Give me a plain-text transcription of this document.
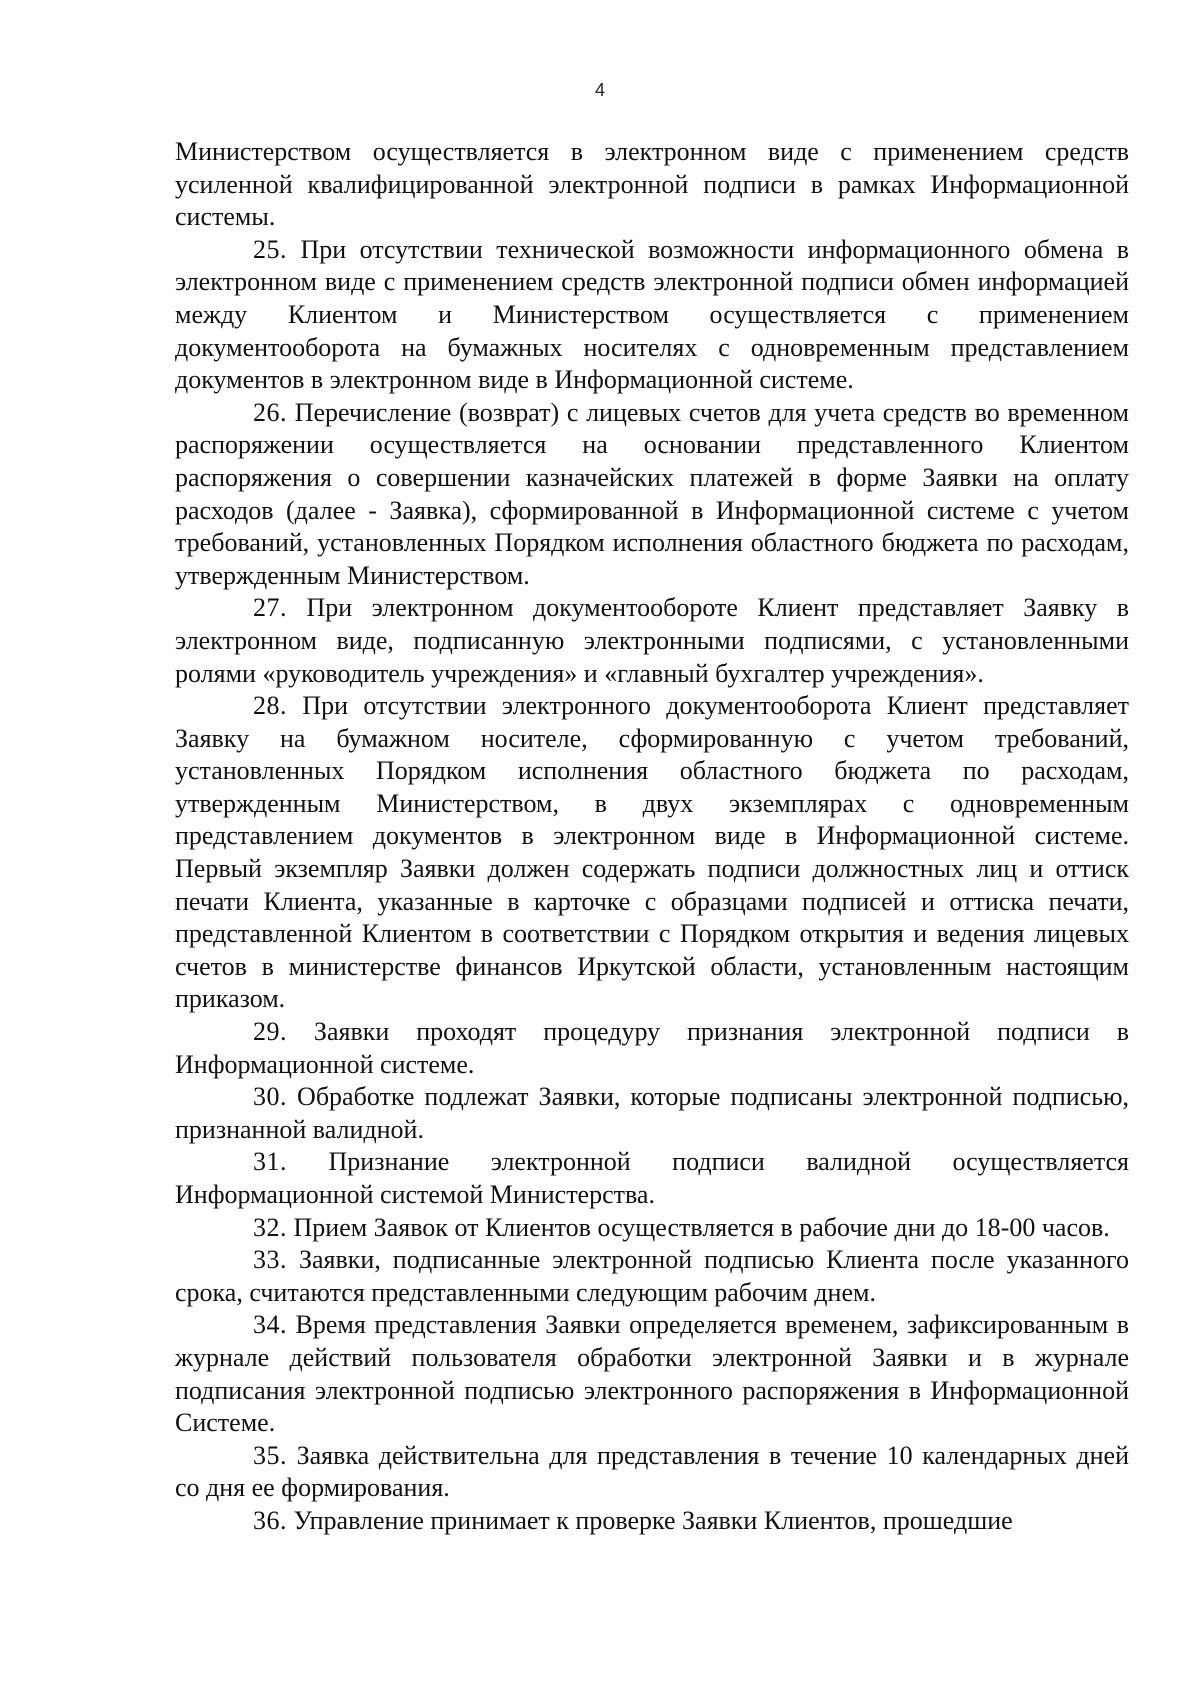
4

Министерством осуществляется в электронном виде с применением средств усиленной квалифицированной электронной подписи в рамках Информационной системы.

25. При отсутствии технической возможности информационного обмена в электронном виде с применением средств электронной подписи обмен информацией между Клиентом и Министерством осуществляется с применением документооборота на бумажных носителях с одновременным представлением документов в электронном виде в Информационной системе.

26. Перечисление (возврат) с лицевых счетов для учета средств во временном распоряжении осуществляется на основании представленного Клиентом распоряжения о совершении казначейских платежей в форме Заявки на оплату расходов (далее - Заявка), сформированной в Информационной системе с учетом требований, установленных Порядком исполнения областного бюджета по расходам, утвержденным Министерством.

27. При электронном документообороте Клиент представляет Заявку в электронном виде, подписанную электронными подписями, с установленными ролями «руководитель учреждения» и «главный бухгалтер учреждения».

28. При отсутствии электронного документооборота Клиент представляет Заявку на бумажном носителе, сформированную с учетом требований, установленных Порядком исполнения областного бюджета по расходам, утвержденным Министерством, в двух экземплярах с одновременным представлением документов в электронном виде в Информационной системе. Первый экземпляр Заявки должен содержать подписи должностных лиц и оттиск печати Клиента, указанные в карточке с образцами подписей и оттиска печати, представленной Клиентом в соответствии с Порядком открытия и ведения лицевых счетов в министерстве финансов Иркутской области, установленным настоящим приказом.

29. Заявки проходят процедуру признания электронной подписи в Информационной системе.

30. Обработке подлежат Заявки, которые подписаны электронной подписью, признанной валидной.

31. Признание электронной подписи валидной осуществляется Информационной системой Министерства.

32. Прием Заявок от Клиентов осуществляется в рабочие дни до 18-00 часов.

33. Заявки, подписанные электронной подписью Клиента после указанного срока, считаются представленными следующим рабочим днем.

34. Время представления Заявки определяется временем, зафиксированным в журнале действий пользователя обработки электронной Заявки и в журнале подписания электронной подписью электронного распоряжения в Информационной Системе.

35. Заявка действительна для представления в течение 10 календарных дней со дня ее формирования.

36. Управление принимает к проверке Заявки Клиентов, прошедшие
